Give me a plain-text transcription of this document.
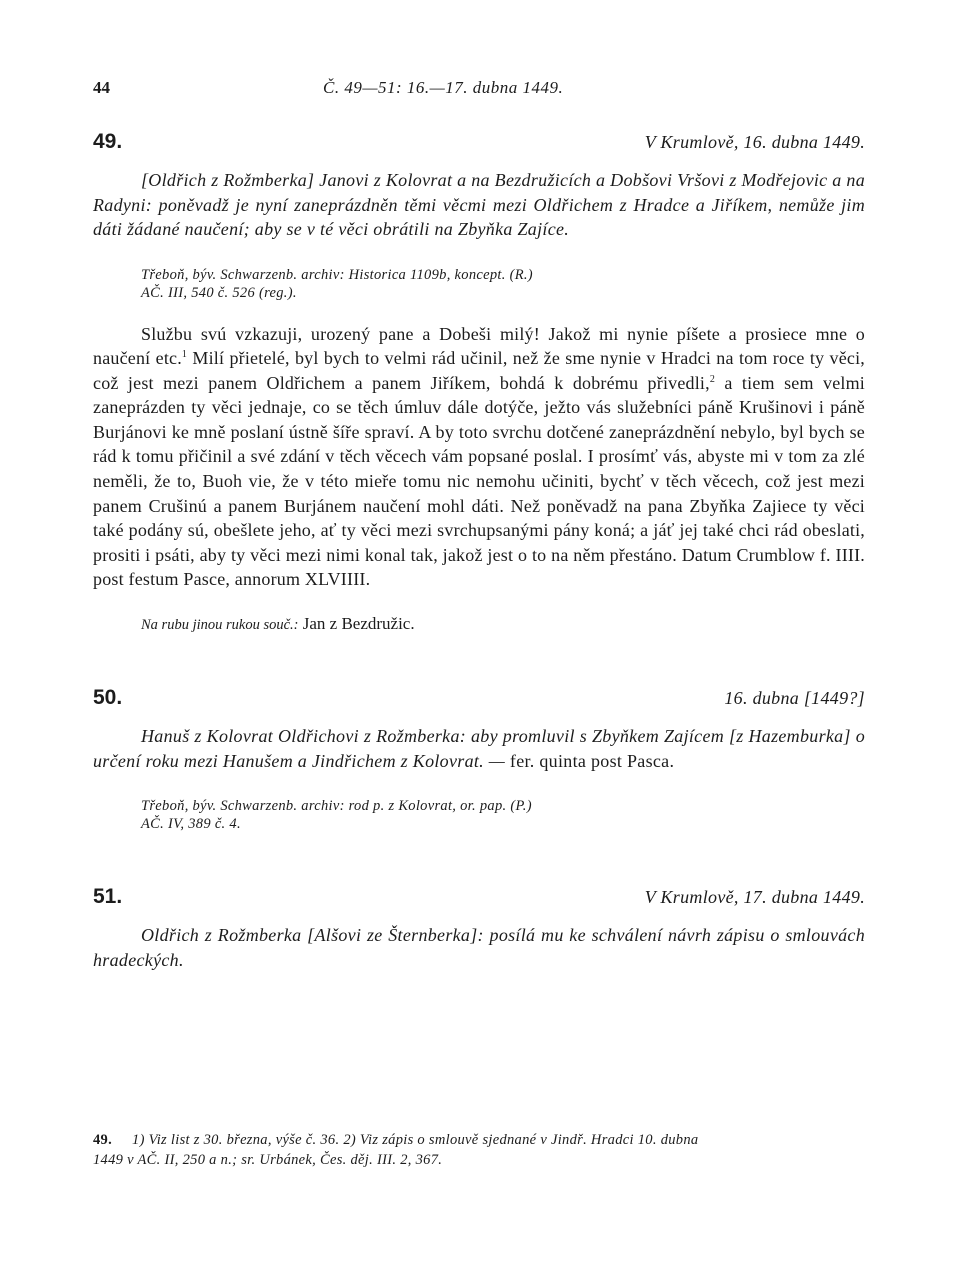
44	Č. 49—51: 16.—17. dubna 1449.
49.	V Krumlově, 16. dubna 1449.

[Oldřich z Rožmberka] Janovi z Kolovrat a na Bezdružicích a Dobšovi Vršovi z Modřejovic a na Radyni: poněvadž je nyní zaneprázdněn těmi věcmi mezi Oldřichem z Hradce a Jiříkem, nemůže jim dáti žádané naučení; aby se v té věci obrátili na Zbyňka Zajíce.

Třeboň, býv. Schwarzenb. archiv: Historica 1109b, koncept. (R.)
AČ. III, 540 č. 526 (reg.).

Službu svú vzkazuji, urozený pane a Dobeši milý! Jakož mi nynie píšete a prosiece mne o naučení etc.$^1$ Milí přietelé, byl bych to velmi rád učinil, než že sme nynie v Hradci na tom roce ty věci, což jest mezi panem Oldřichem a panem Jiříkem, bohdá k dobrému přivedli,$^2$ a tiem sem velmi zaneprázden ty věci jednaje, co se těch úmluv dále dotýče, ježto vás služebníci páně Krušinovi i páně Burjánovi ke mně poslaní ústně šíře spraví. A by toto svrchu dotčené zaneprázdnění nebylo, byl bych se rád k tomu přičinil a své zdání v těch věcech vám popsané poslal. I prosímť vás, abyste mi v tom za zlé neměli, že to, Buoh vie, že v této mieře tomu nic nemohu učiniti, bychť v těch věcech, což jest mezi panem Crušinú a panem Burjánem naučení mohl dáti. Než poněvadž na pana Zbyňka Zajiece ty věci také podány sú, obešlete jeho, ať ty věci mezi svrchupsanými pány koná; a jáť jej také chci rád obeslati, prositi i psáti, aby ty věci mezi nimi konal tak, jakož jest o to na něm přestáno. Datum Crumblow f. IIII. post festum Pasce, annorum XLVIIII.

Na rubu jinou rukou souč.: Jan z Bezdružic.
50.	16. dubna [1449?]

Hanuš z Kolovrat Oldřichovi z Rožmberka: aby promluvil s Zbyňkem Zajícem [z Hazemburka] o určení roku mezi Hanušem a Jindřichem z Kolovrat. — fer. quinta post Pasca.

Třeboň, býv. Schwarzenb. archiv: rod p. z Kolovrat, or. pap. (P.)
AČ. IV, 389 č. 4.
51.	V Krumlově, 17. dubna 1449.

Oldřich z Rožmberka [Alšovi ze Šternberka]: posílá mu ke schválení návrh zápisu o smlouvách hradeckých.

49. 1) Viz list z 30. března, výše č. 36. 2) Viz zápis o smlouvě sjednané v Jindř. Hradci 10. dubna
1449 v AČ. II, 250 a n.; sr. Urbánek, Čes. děj. III. 2, 367.
